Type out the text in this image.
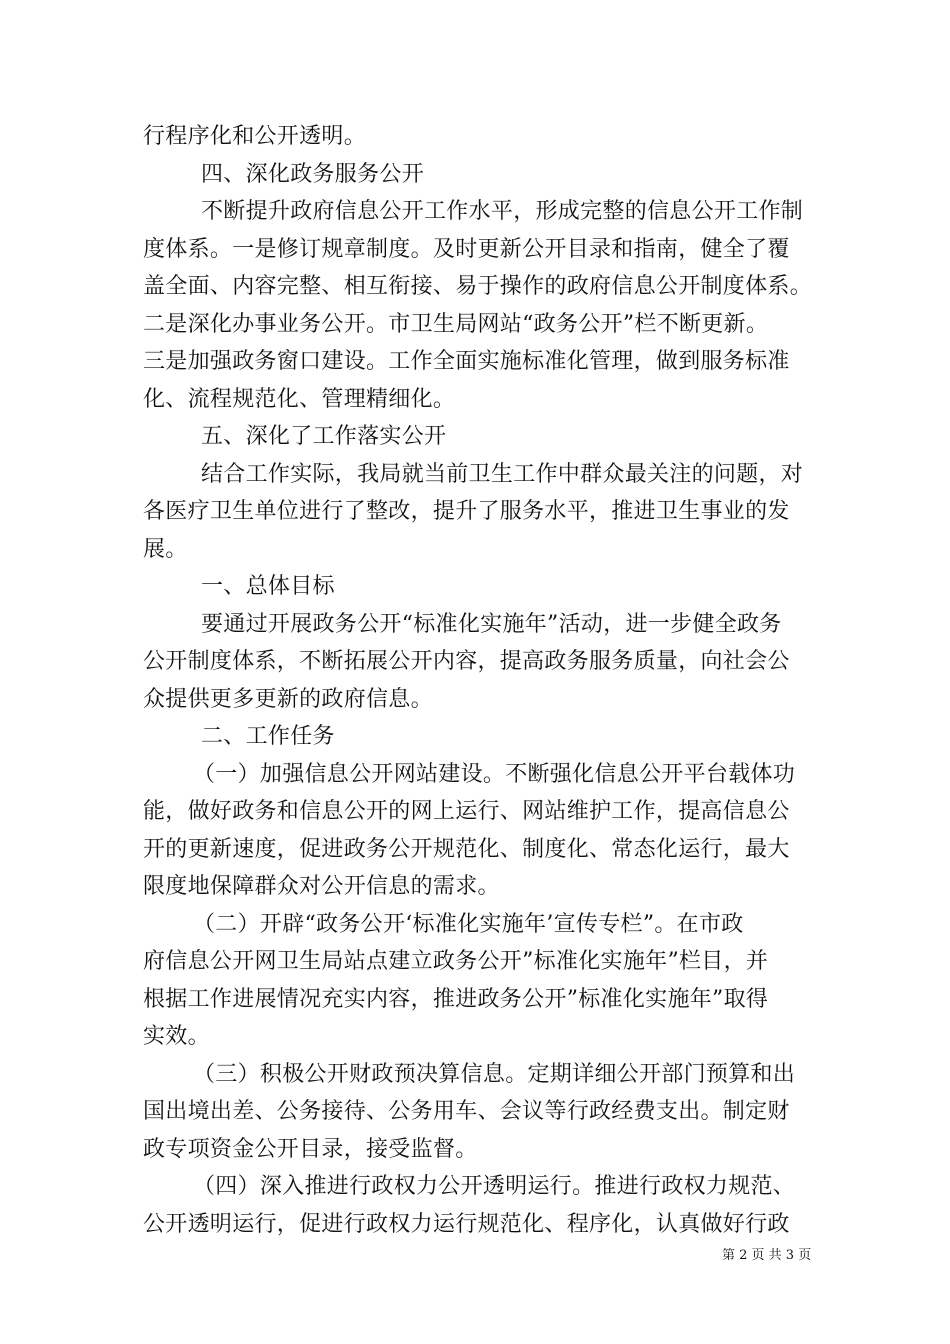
行程序化和公开透明。
四、深化政务服务公开
不断提升政府信息公开工作水平，形成完整的信息公开工作制
度体系。一是修订规章制度。及时更新公开目录和指南，健全了覆
盖全面、内容完整、相互衔接、易于操作的政府信息公开制度体系。
二是深化办事业务公开。市卫生局网站“政务公开”栏不断更新。
三是加强政务窗口建设。工作全面实施标准化管理，做到服务标准
化、流程规范化、管理精细化。
五、深化了工作落实公开
结合工作实际，我局就当前卫生工作中群众最关注的问题，对
各医疗卫生单位进行了整改，提升了服务水平，推进卫生事业的发
展。
一、总体目标
要通过开展政务公开“标准化实施年”活动，进一步健全政务
公开制度体系，不断拓展公开内容，提高政务服务质量，向社会公
众提供更多更新的政府信息。
二、工作任务
（一）加强信息公开网站建设。不断强化信息公开平台载体功
能，做好政务和信息公开的网上运行、网站维护工作，提高信息公
开的更新速度，促进政务公开规范化、制度化、常态化运行，最大
限度地保障群众对公开信息的需求。
（二）开辟“政务公开‘标准化实施年’宣传专栏”。在市政
府信息公开网卫生局站点建立政务公开”标准化实施年”栏目，并
根据工作进展情况充实内容，推进政务公开”标准化实施年”取得
实效。
（三）积极公开财政预决算信息。定期详细公开部门预算和出
国出境出差、公务接待、公务用车、会议等行政经费支出。制定财
政专项资金公开目录，接受监督。
（四）深入推进行政权力公开透明运行。推进行政权力规范、
公开透明运行，促进行政权力运行规范化、程序化，认真做好行政
第 2 页 共 3 页
